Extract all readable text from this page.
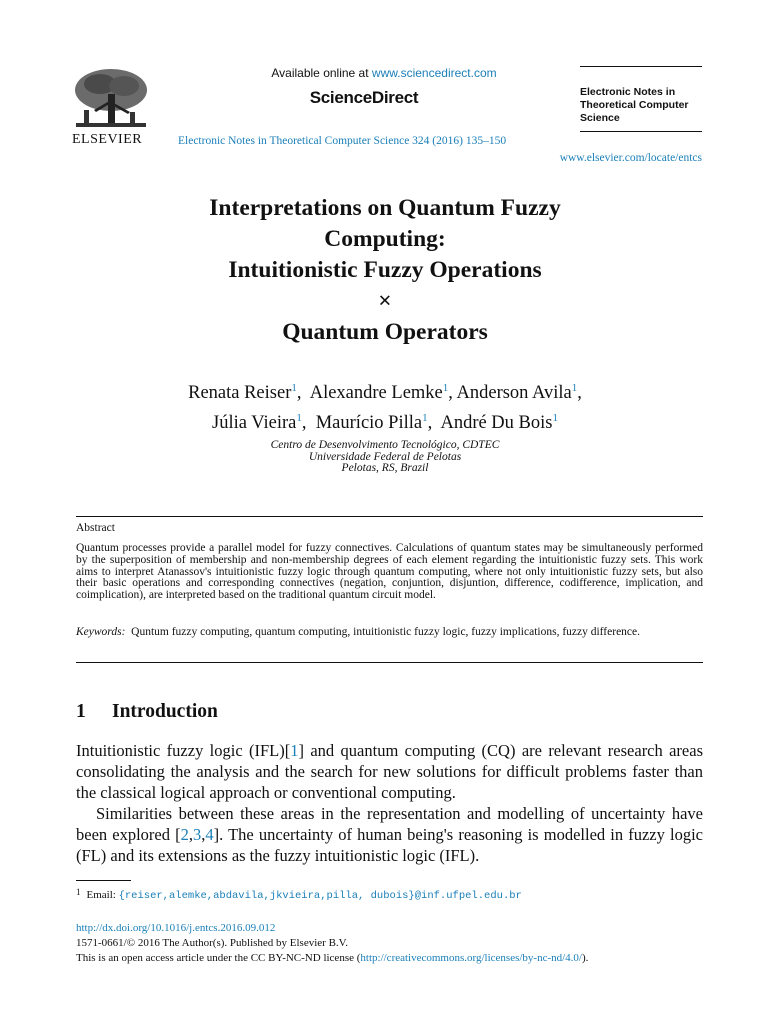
ELSEVIER
Available online at www.sciencedirect.com
ScienceDirect
Electronic Notes in Theoretical Computer Science 324 (2016) 135–150
Electronic Notes in Theoretical Computer Science
www.elsevier.com/locate/entcs
Interpretations on Quantum Fuzzy
Computing:
Intuitionistic Fuzzy Operations
×
Quantum Operators
Renata Reiser$^1$,  Alexandre Lemke$^1$, Anderson Avila$^1$,
Júlia Vieira$^1$,  Maurício Pilla$^1$,  André Du Bois$^1$
Centro de Desenvolvimento Tecnológico, CDTEC
Universidade Federal de Pelotas
Pelotas, RS, Brazil
Abstract
Quantum processes provide a parallel model for fuzzy connectives. Calculations of quantum states may be simultaneously performed by the superposition of membership and non-membership degrees of each element regarding the intuitionistic fuzzy sets. This work aims to interpret Atanassov's intuitionistic fuzzy logic through quantum computing, where not only intuitionistic fuzzy sets, but also their basic operations and corresponding connectives (negation, conjuntion, disjuntion, difference, codifference, implication, and coimplication), are interpreted based on the traditional quantum circuit model.
Keywords: Quntum fuzzy computing, quantum computing, intuitionistic fuzzy logic, fuzzy implications, fuzzy difference.
1 Introduction
Intuitionistic fuzzy logic (IFL)[1] and quantum computing (CQ) are relevant research areas consolidating the analysis and the search for new solutions for difficult problems faster than the classical logical approach or conventional computing.
Similarities between these areas in the representation and modelling of uncertainty have been explored [2,3,4]. The uncertainty of human being's reasoning is modelled in fuzzy logic (FL) and its extensions as the fuzzy intuitionistic logic (IFL).
$^1$ Email: {reiser,alemke,abdavila,jkvieira,pilla, dubois}@inf.ufpel.edu.br
http://dx.doi.org/10.1016/j.entcs.2016.09.012
1571-0661/© 2016 The Author(s). Published by Elsevier B.V.
This is an open access article under the CC BY-NC-ND license (http://creativecommons.org/licenses/by-nc-nd/4.0/).
